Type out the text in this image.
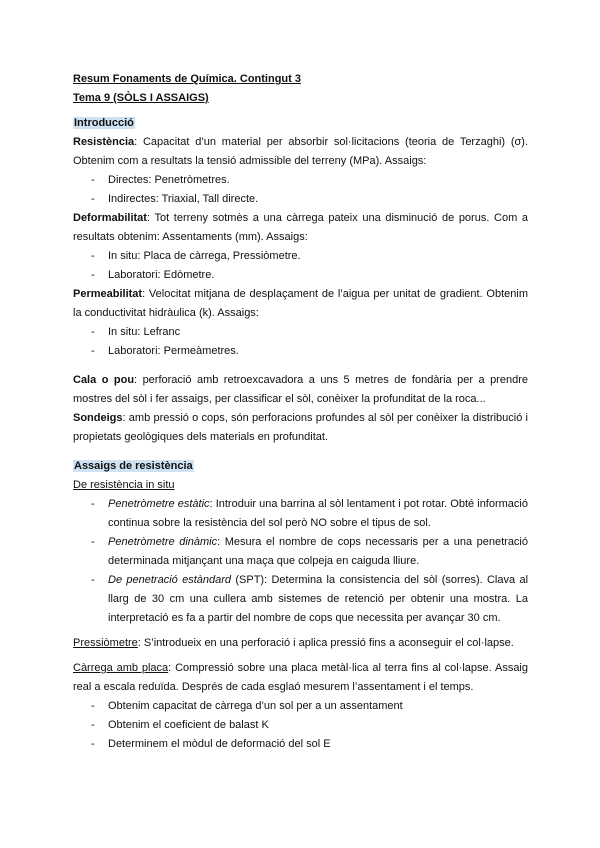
Resum Fonaments de Química. Contingut 3
Tema 9 (SÒLS I ASSAIGS)
Introducció
Resistència: Capacitat d’un material per absorbir sol·licitacions (teoria de Terzaghi) (σ). Obtenim com a resultats la tensió admissible del terreny (MPa). Assaigs:
- Directes: Penetròmetres.
- Indirectes: Triaxial, Tall directe.
Deformabilitat: Tot terreny sotmès a una càrrega pateix una disminució de porus. Com a resultats obtenim: Assentaments (mm). Assaigs:
- In situ: Placa de càrrega, Pressiòmetre.
- Laboratori: Edòmetre.
Permeabilitat: Velocitat mitjana de desplaçament de l’aigua per unitat de gradient. Obtenim la conductivitat hidràulica (k). Assaigs:
- In situ: Lefranc
- Laboratori: Permeàmetres.
Cala o pou: perforació amb retroexcavadora a uns 5 metres de fondària per a prendre mostres del sòl i fer assaigs, per classificar el sòl, conèixer la profunditat de la roca...
Sondeigs: amb pressió o cops, són perforacions profundes al sòl per conèixer la distribució i propietats geològiques dels materials en profunditat.
Assaigs de resistència
De resistència in situ
- Penetròmetre estàtic: Introduir una barrina al sòl lentament i pot rotar. Obté informació continua sobre la resistència del sol però NO sobre el tipus de sol.
- Penetròmetre dinàmic: Mesura el nombre de cops necessaris per a una penetració determinada mitjançant una maça que colpeja en caiguda lliure.
- De penetració estàndard (SPT): Determina la consistencia del sòl (sorres). Clava al llarg de 30 cm una cullera amb sistemes de retenció per obtenir una mostra. La interpretació es fa a partir del nombre de cops que necessita per avançar 30 cm.
Pressiòmetre: S’introdueix en una perforació i aplica pressió fins a aconseguir el col·lapse.
Càrrega amb placa: Compressió sobre una placa metàl·lica al terra fins al col·lapse. Assaig real a escala reduïda. Després de cada esglaó mesurem l’assentament i el temps.
- Obtenim capacitat de càrrega d’un sol per a un assentament
- Obtenim el coeficient de balast K
- Determinem el mòdul de deformació del sol E
